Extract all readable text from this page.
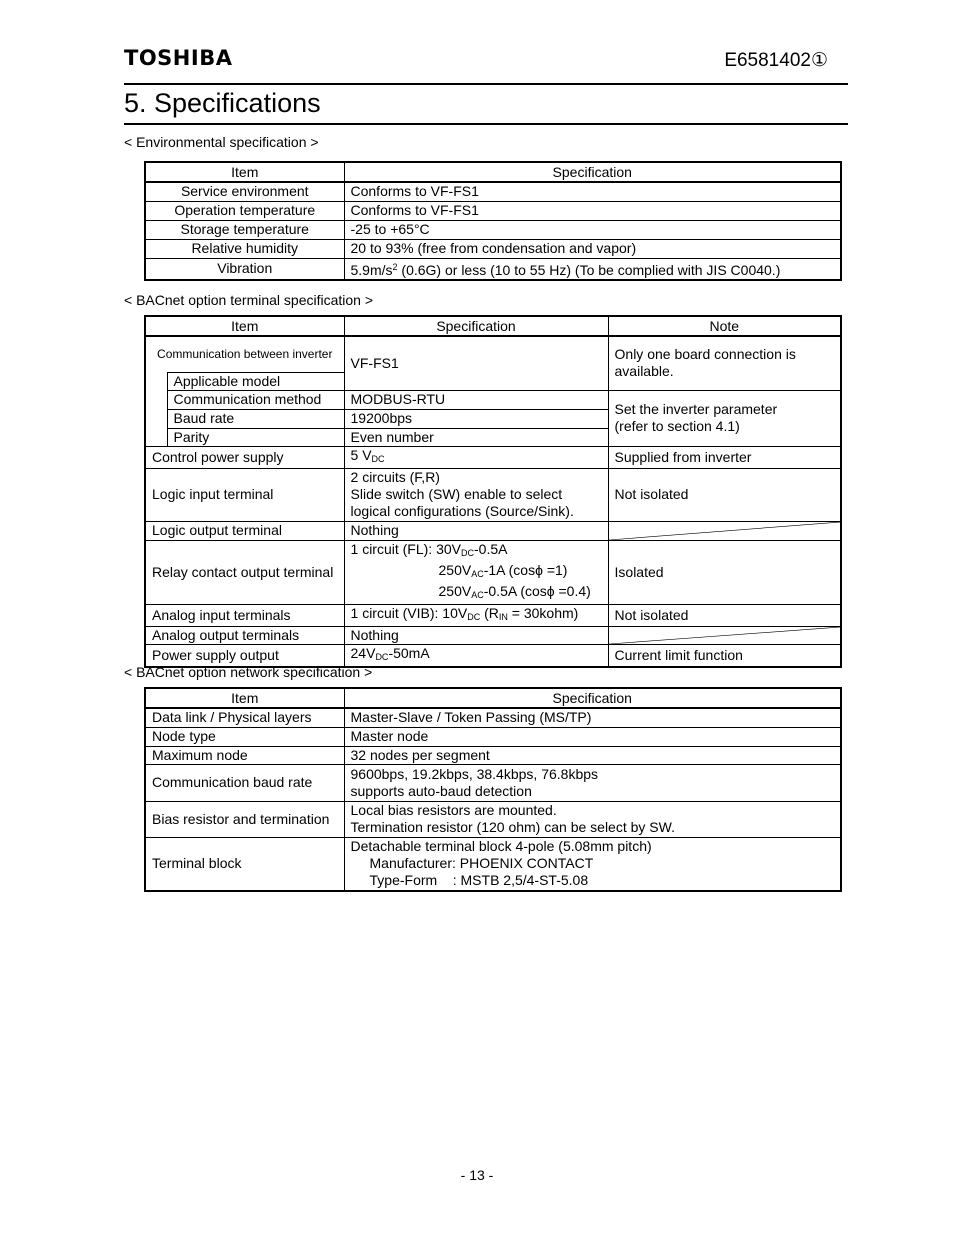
TOSHIBA	E6581402①
5. Specifications
< Environmental specification >
Item	Specification
Service environment	Conforms to VF-FS1
Operation temperature	Conforms to VF-FS1
Storage temperature	-25 to +65°C
Relative humidity	20 to 93% (free from condensation and vapor)
Vibration	$5.9m/s^2$ (0.6G) or less (10 to 55 Hz) (To be complied with JIS C0040.)
< BACnet option terminal specification >
Item		Specification	Note
Communication between inverter		VF-FS1	Only one board connection is available.
	Applicable model		
	Communication method	MODBUS-RTU	Set the inverter parameter
(refer to section 4.1)

	Baud rate	19200bps	
	Parity	Even number	
Control power supply		5 $V_{DC}$	Supplied from inverter
Logic input terminal		2 circuits (F,R)
Slide switch (SW) enable to select
logical configurations (Source/Sink).	Not isolated
Logic output terminal		Nothing	

Relay contact output terminal		1 circuit (FL): $30V_{DC}-0.5A$
$250V_{AC}-1A$ (cosϕ =1)
$250V_{AC}-0.5A$ (cosϕ =0.4)	Isolated
Analog input terminals		1 circuit (VIB): $10V_{DC}$ ($R_{IN}$ = 30kohm)	Not isolated
Analog output terminals		Nothing	

Power supply output		$24V_{DC}-50mA$	Current limit function
< BACnet option network specification >
Item	Specification
Data link / Physical layers	Master-Slave / Token Passing (MS/TP)
Node type	Master node
Maximum node	32 nodes per segment
Communication baud rate	9600bps, 19.2kbps, 38.4kbps, 76.8kbps
supports auto-baud detection

Bias resistor and termination	Local bias resistors are mounted.
Termination resistor (120 ohm) can be select by SW.

Terminal block	Detachable terminal block 4-pole (5.08mm pitch)
Manufacturer: PHOENIX CONTACT
Type-Form    : MSTB 2,5/4-ST-5.08
- 13 -
